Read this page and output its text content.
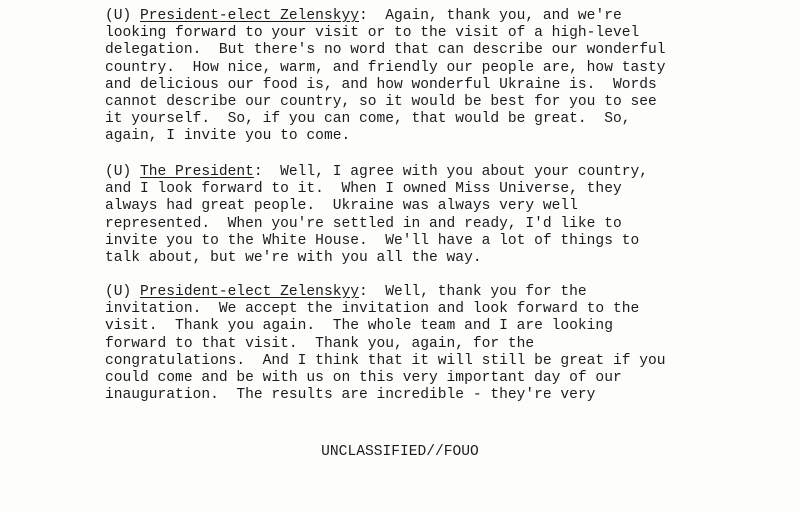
(U) President-elect Zelenskyy:  Again, thank you, and we're
looking forward to your visit or to the visit of a high-level
delegation.  But there's no word that can describe our wonderful
country.  How nice, warm, and friendly our people are, how tasty
and delicious our food is, and how wonderful Ukraine is.  Words
cannot describe our country, so it would be best for you to see
it yourself.  So, if you can come, that would be great.  So,
again, I invite you to come.
(U) The President:  Well, I agree with you about your country,
and I look forward to it.  When I owned Miss Universe, they
always had great people.  Ukraine was always very well
represented.  When you're settled in and ready, I'd like to
invite you to the White House.  We'll have a lot of things to
talk about, but we're with you all the way.
(U) President-elect Zelenskyy:  Well, thank you for the
invitation.  We accept the invitation and look forward to the
visit.  Thank you again.  The whole team and I are looking
forward to that visit.  Thank you, again, for the
congratulations.  And I think that it will still be great if you
could come and be with us on this very important day of our
inauguration.  The results are incredible - they're very
UNCLASSIFIED//FOUO
